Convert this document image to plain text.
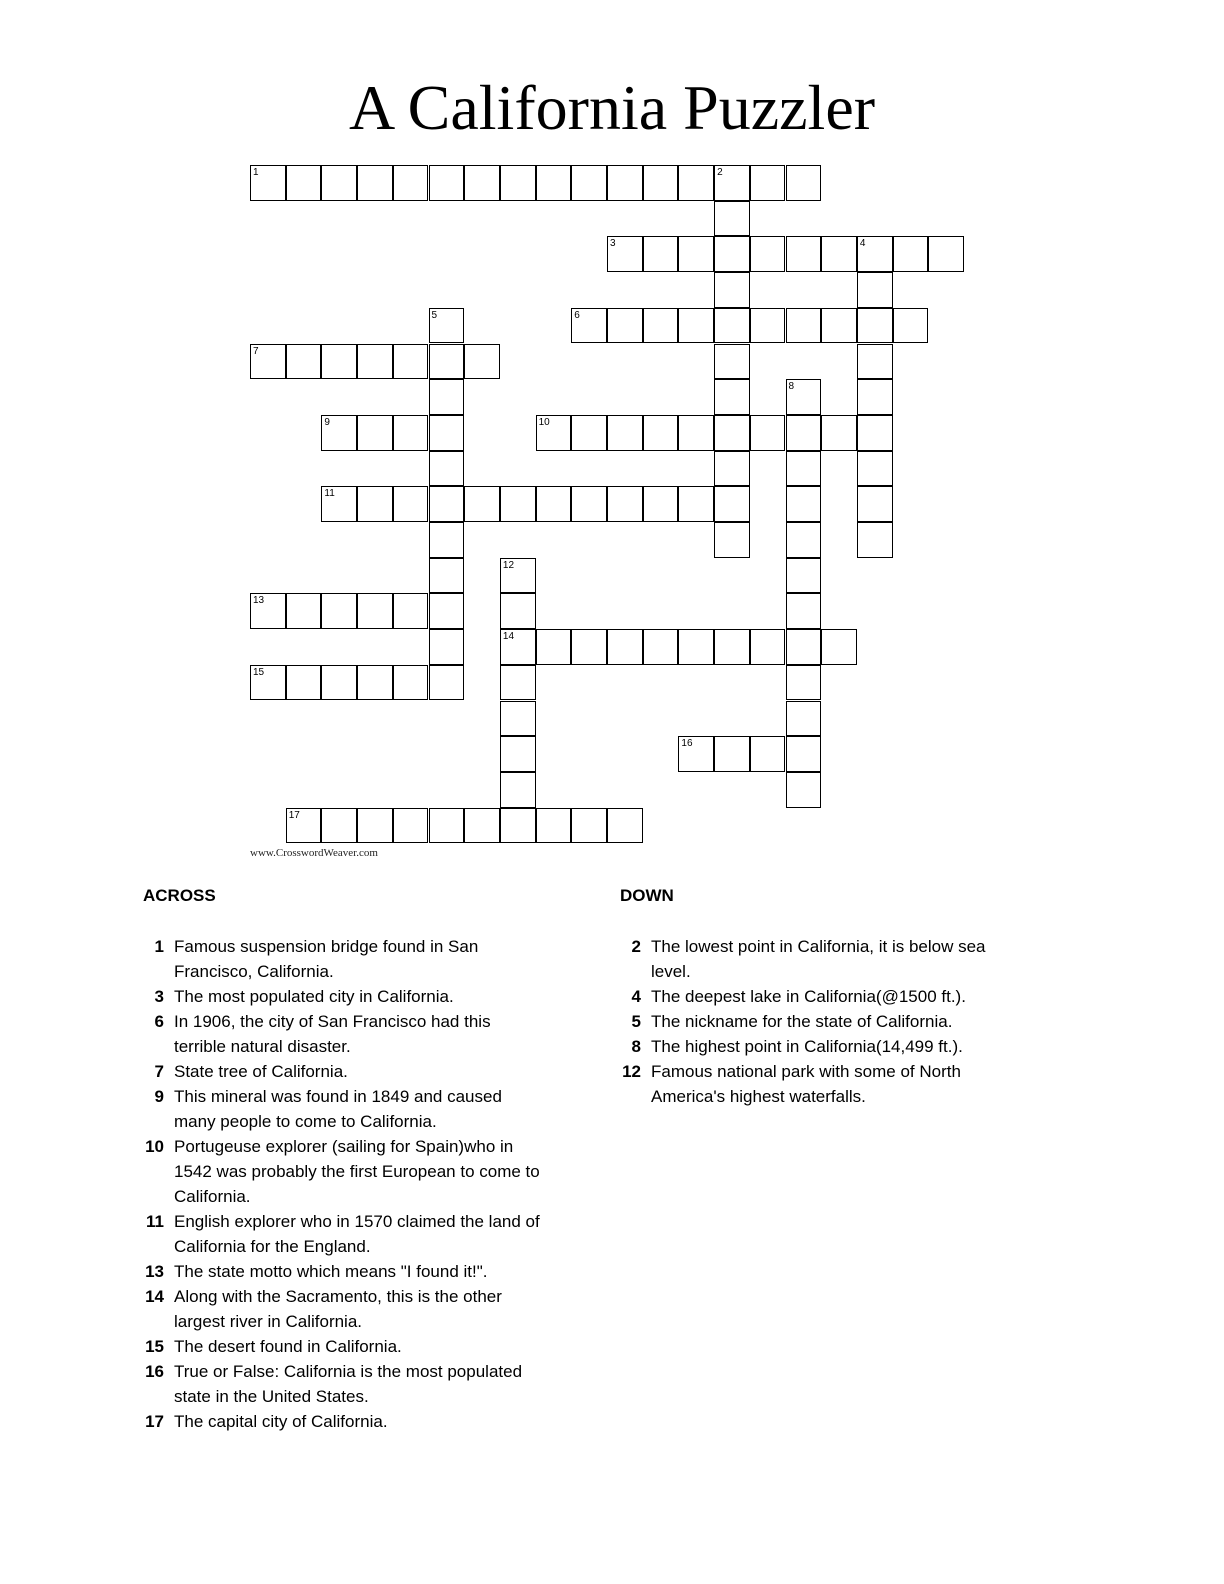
A California Puzzler
1	2
3	4
6
7
9	10
11
13
14
15
16
17
5
8
12
www.CrosswordWeaver.com
ACROSS	DOWN
1 Famous suspension bridge found in San Francisco, California.
3 The most populated city in California.
6 In 1906, the city of San Francisco had this terrible natural disaster.
7 State tree of California.
9 This mineral was found in 1849 and caused many people to come to California.
10 Portugeuse explorer (sailing for Spain)who in 1542 was probably the first European to come to California.
11 English explorer who in 1570 claimed the land of California for the England.
13 The state motto which means "I found it!".
14 Along with the Sacramento, this is the other largest river in California.
15 The desert found in California.
16 True or False: California is the most populated state in the United States.
17 The capital city of California.
2 The lowest point in California, it is below sea level.
4 The deepest lake in California(@1500 ft.).
5 The nickname for the state of California.
8 The highest point in California(14,499 ft.).
12 Famous national park with some of North America's highest waterfalls.
